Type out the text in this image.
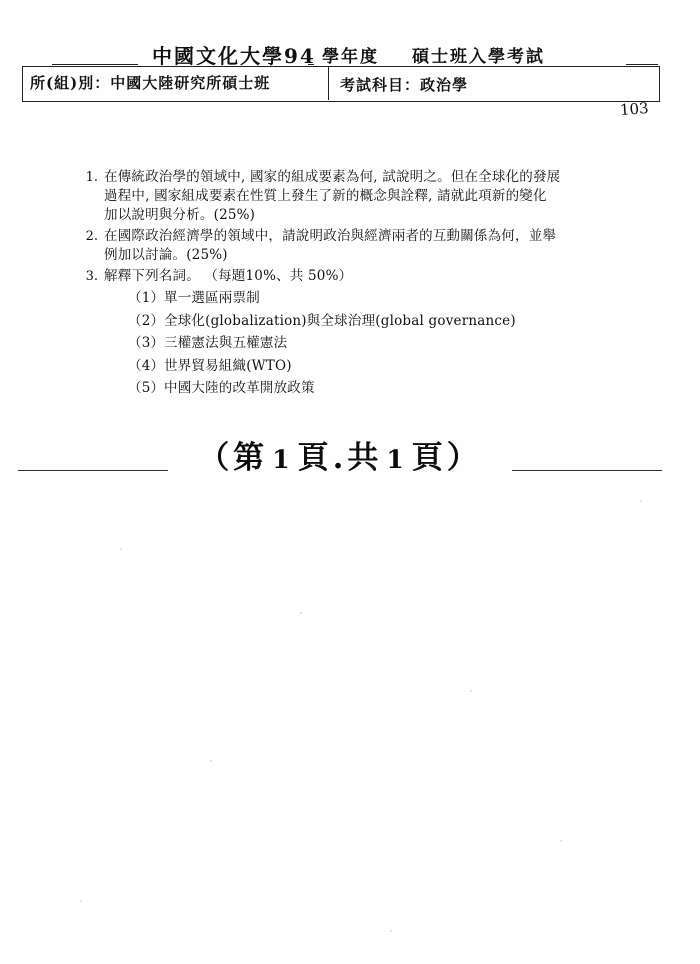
中國文化大學94 學年度 碩士班入學考試
所(組)別：中國大陸研究所碩士班	考試科目：政治學
103
1. 在傳統政治學的領域中, 國家的組成要素為何, 試說明之。但在全球化的發展
過程中, 國家組成要素在性質上發生了新的概念與詮釋, 請就此項新的變化
加以說明與分析。(25%)
2. 在國際政治經濟學的領域中，請說明政治與經濟兩者的互動關係為何，並舉
例加以討論。(25%)
3. 解釋下列名詞。 （每題10%、共 50%）
（1）單一選區兩票制
（2）全球化(globalization)與全球治理(global governance)
（3）三權憲法與五權憲法
（4）世界貿易組織(WTO)
（5）中國大陸的改革開放政策
（第 1 頁.共 1 頁）
